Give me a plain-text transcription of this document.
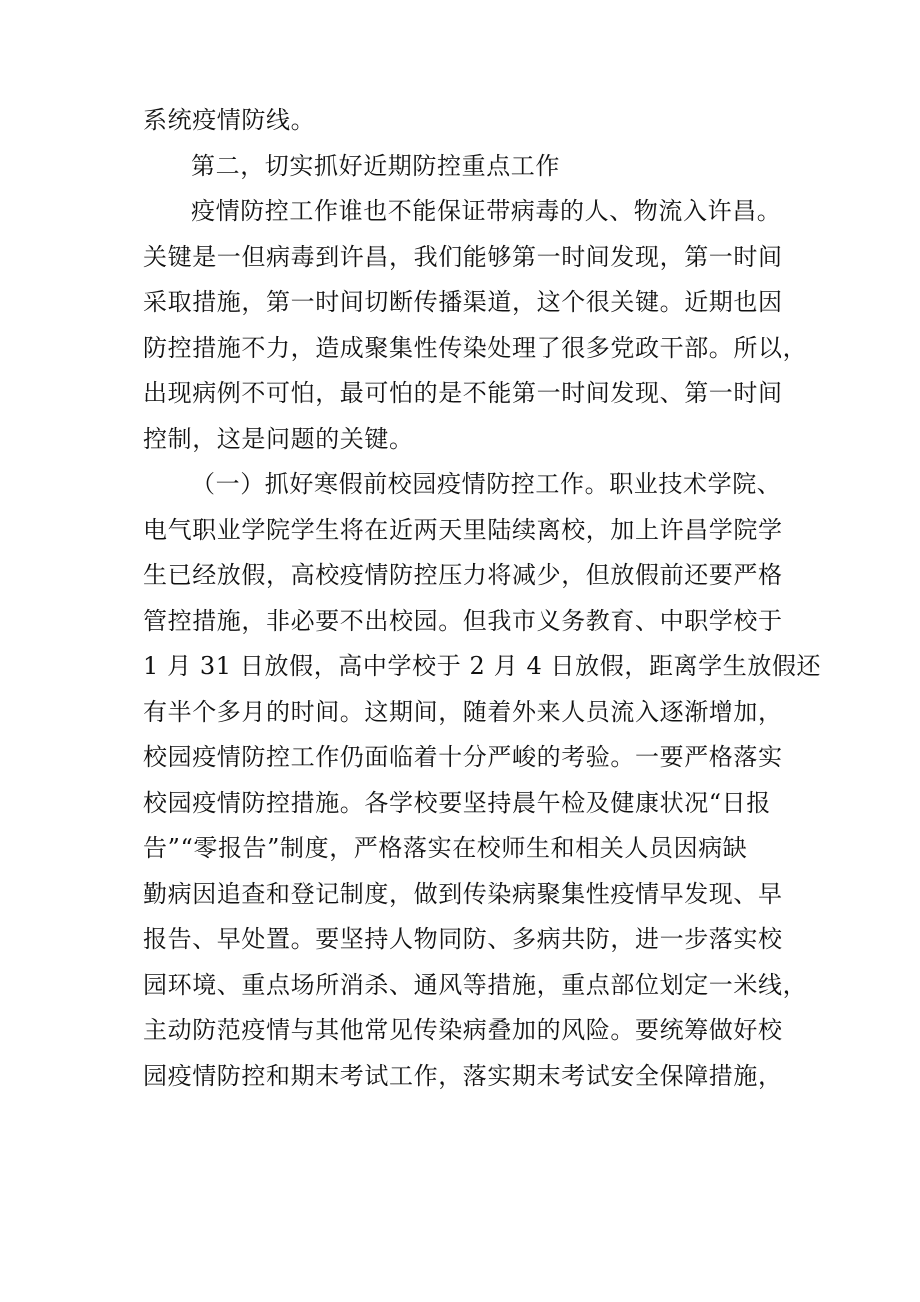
系统疫情防线。
第二，切实抓好近期防控重点工作
疫情防控工作谁也不能保证带病毒的人、物流入许昌。
关键是一但病毒到许昌，我们能够第一时间发现，第一时间
采取措施，第一时间切断传播渠道，这个很关键。近期也因
防控措施不力，造成聚集性传染处理了很多党政干部。所以，
出现病例不可怕，最可怕的是不能第一时间发现、第一时间
控制，这是问题的关键。
（一）抓好寒假前校园疫情防控工作。职业技术学院、
电气职业学院学生将在近两天里陆续离校，加上许昌学院学
生已经放假，高校疫情防控压力将减少，但放假前还要严格
管控措施，非必要不出校园。但我市义务教育、中职学校于
1 月 31 日放假，高中学校于 2 月 4 日放假，距离学生放假还
有半个多月的时间。这期间，随着外来人员流入逐渐增加，
校园疫情防控工作仍面临着十分严峻的考验。一要严格落实
校园疫情防控措施。各学校要坚持晨午检及健康状况“日报
告”“零报告”制度，严格落实在校师生和相关人员因病缺
勤病因追查和登记制度，做到传染病聚集性疫情早发现、早
报告、早处置。要坚持人物同防、多病共防，进一步落实校
园环境、重点场所消杀、通风等措施，重点部位划定一米线，
主动防范疫情与其他常见传染病叠加的风险。要统筹做好校
园疫情防控和期末考试工作，落实期末考试安全保障措施，
